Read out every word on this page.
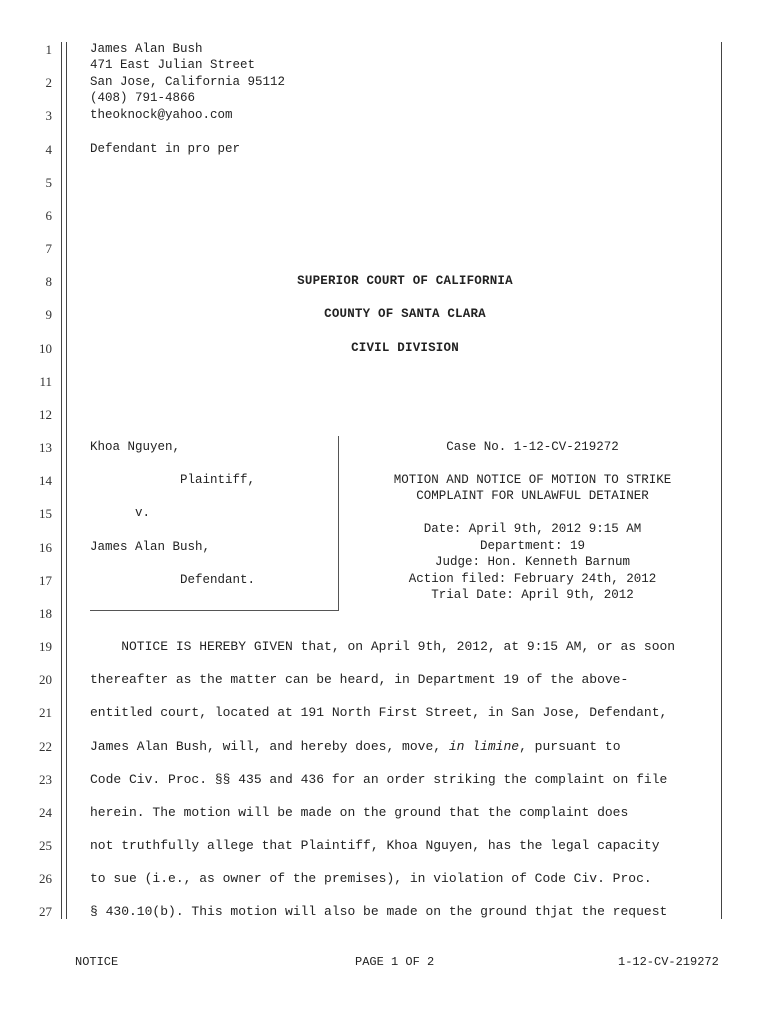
1
2
3
4
5
6
7
8
9
10
11
12
13
14
15
16
17
18
19
20
21
22
23
24
25
26
27
James Alan Bush
471 East Julian Street
San Jose, California 95112
(408) 791-4866
theoknock@yahoo.com
Defendant in pro per
SUPERIOR COURT OF CALIFORNIA
COUNTY OF SANTA CLARA
CIVIL DIVISION
Khoa Nguyen,
Plaintiff,
v.
James Alan Bush,
Defendant.
Case No. 1-12-CV-219272
MOTION AND NOTICE OF MOTION TO STRIKE
COMPLAINT FOR UNLAWFUL DETAINER
Date: April 9th, 2012 9:15 AM
Department: 19
Judge: Hon. Kenneth Barnum
Action filed: February 24th, 2012
Trial Date: April 9th, 2012
NOTICE IS HEREBY GIVEN that, on April 9th, 2012, at 9:15 AM, or as soon
thereafter as the matter can be heard, in Department 19 of the above-
entitled court, located at 191 North First Street, in San Jose, Defendant,
James Alan Bush, will, and hereby does, move, in limine, pursuant to
Code Civ. Proc. §§ 435 and 436 for an order striking the complaint on file
herein. The motion will be made on the ground that the complaint does
not truthfully allege that Plaintiff, Khoa Nguyen, has the legal capacity
to sue (i.e., as owner of the premises), in violation of Code Civ. Proc.
§ 430.10(b). This motion will also be made on the ground thjat the request
NOTICE	PAGE 1 OF 2	1-12-CV-219272
